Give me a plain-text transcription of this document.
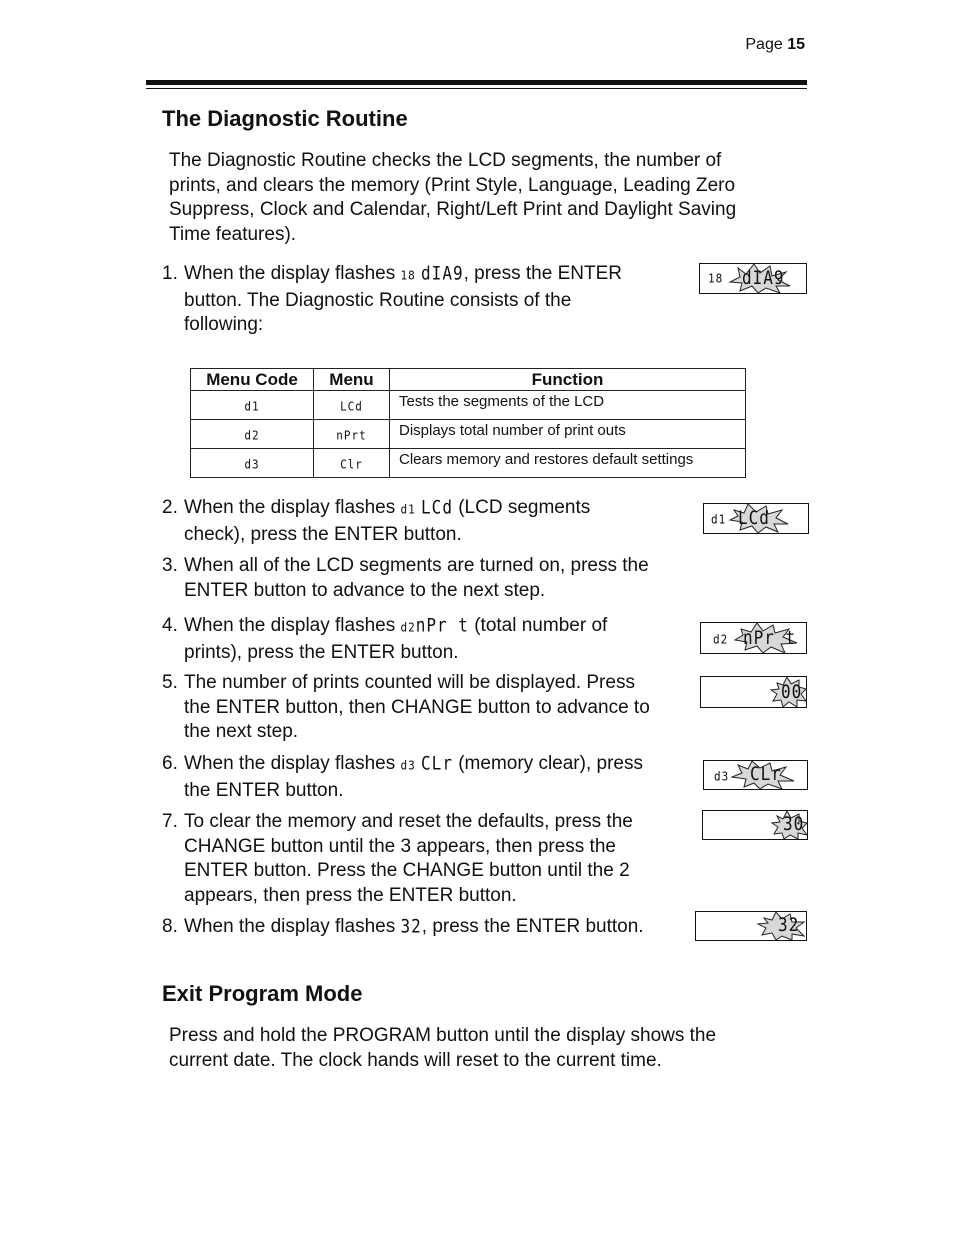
Page 15
The Diagnostic Routine
The Diagnostic Routine checks the LCD segments, the number of
prints, and clears the memory (Print Style, Language, Leading Zero
Suppress, Clock and Calendar, Right/Left Print and Daylight Saving
Time features).
1. When the display flashes 18 dIA9, press the ENTER
button. The Diagnostic Routine consists of the
following:
Menu Code	Menu	Function
d1	LCd	Tests the segments of the LCD
d2	nPrt	Displays total number of print outs
d3	Clr	Clears memory and restores default settings
2. When the display flashes d1 LCd (LCD segments
check), press the ENTER button.
3. When all of the LCD segments are turned on, press the
ENTER button to advance to the next step.
4. When the display flashes d2nPr t (total number of
prints), press the ENTER button.
5. The number of prints counted will be displayed. Press
the ENTER button, then CHANGE button to advance to
the next step.
6. When the display flashes d3 CLr (memory clear), press
the ENTER button.
7. To clear the memory and reset the defaults, press the
CHANGE button until the 3 appears, then press the
ENTER button. Press the CHANGE button until the 2
appears, then press the ENTER button.
8. When the display flashes 32, press the ENTER button.
18 dIA9
d1 LCd
d2 nPr t
00
d3 CLr
30
32
Exit Program Mode
Press and hold the PROGRAM button until the display shows the
current date. The clock hands will reset to the current time.
